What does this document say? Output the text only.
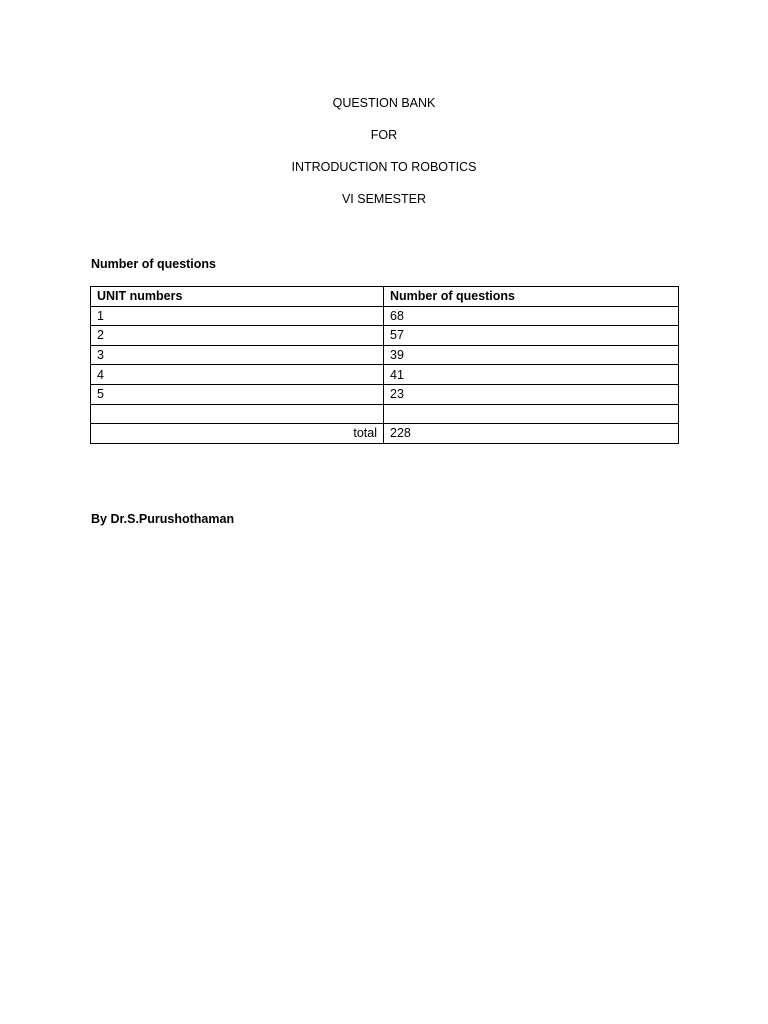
QUESTION BANK
FOR
INTRODUCTION TO ROBOTICS
VI SEMESTER
Number of questions
UNIT numbers	Number of questions
1	68
2	57
3	39
4	41
5	23

total	228
By Dr.S.Purushothaman
